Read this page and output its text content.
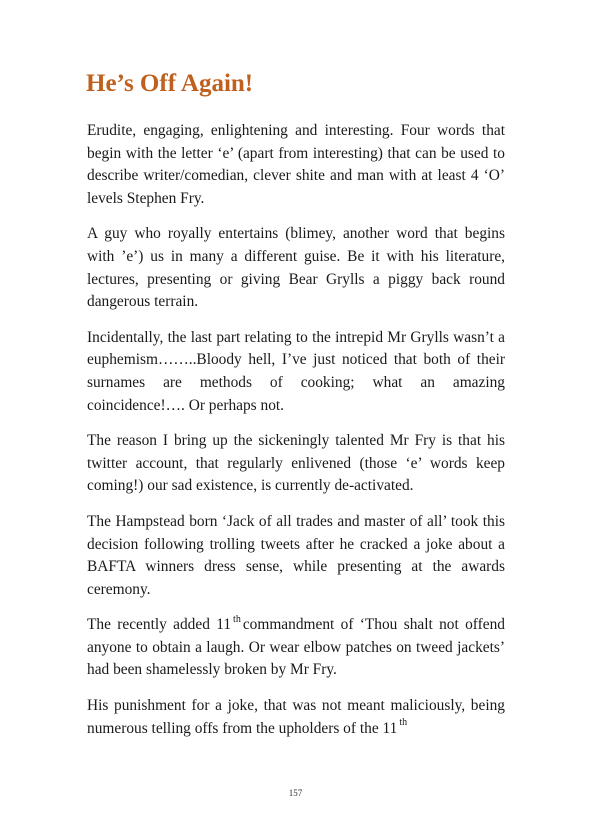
He’s Off Again!

Erudite, engaging, enlightening and interesting. Four words that begin with the letter ‘e’ (apart from interesting) that can be used to describe writer/comedian, clever shite and man with at least 4 ‘O’ levels Stephen Fry.

A guy who royally entertains (blimey, another word that begins with ’e’) us in many a different guise. Be it with his literature, lectures, presenting or giving Bear Grylls a piggy back round dangerous terrain.

Incidentally, the last part relating to the intrepid Mr Grylls wasn’t a euphemism……..Bloody hell, I’ve just noticed that both of their surnames are methods of cooking; what an amazing coincidence!…. Or perhaps not.

The reason I bring up the sickeningly talented Mr Fry is that his twitter account, that regularly enlivened (those ‘e’ words keep coming!) our sad existence, is currently de-activated.

The Hampstead born ‘Jack of all trades and master of all’ took this decision following trolling tweets after he cracked a joke about a BAFTA winners dress sense, while presenting at the awards ceremony.

The recently added 11 $^{th}$ commandment of ‘Thou shalt not offend anyone to obtain a laugh. Or wear elbow patches on tweed jackets’ had been shamelessly broken by Mr Fry.

His punishment for a joke, that was not meant maliciously, being numerous telling offs from the upholders of the 11 $^{th}$

157
